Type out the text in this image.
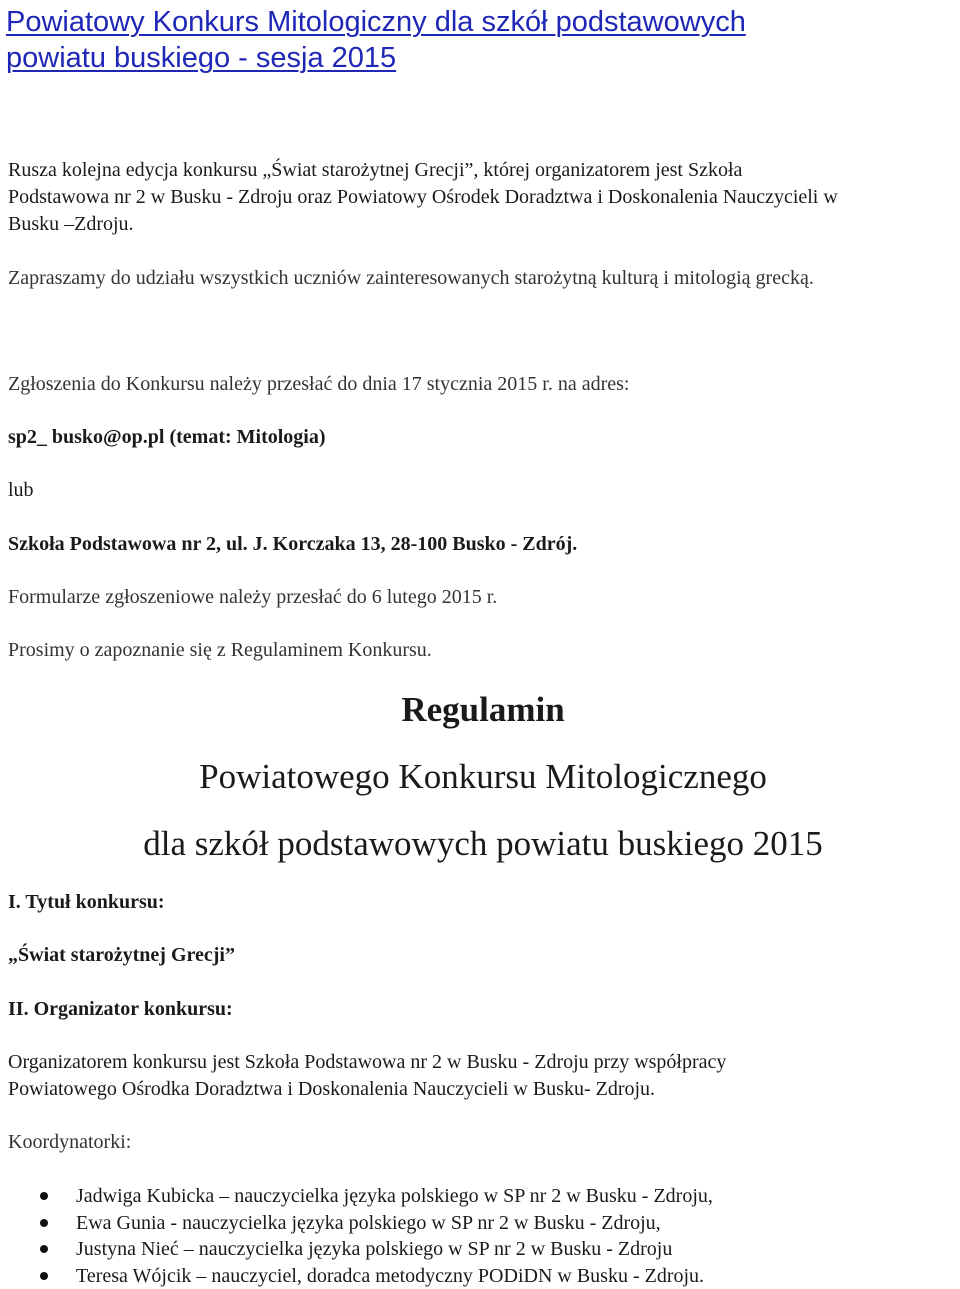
Powiatowy Konkurs Mitologiczny dla szkół podstawowych
powiatu buskiego - sesja 2015
Rusza kolejna edycja konkursu „Świat starożytnej Grecji”, której organizatorem jest Szkoła
Podstawowa nr 2 w Busku - Zdroju oraz Powiatowy Ośrodek Doradztwa i Doskonalenia Nauczycieli w
Busku –Zdroju.
Zapraszamy do udziału wszystkich uczniów zainteresowanych starożytną kulturą i mitologią grecką.
Zgłoszenia do Konkursu należy przesłać do dnia 17 stycznia 2015 r. na adres:
sp2_ busko@op.pl (temat: Mitologia)
lub
Szkoła Podstawowa nr 2, ul. J. Korczaka 13, 28-100 Busko - Zdrój.
Formularze zgłoszeniowe należy przesłać do 6 lutego 2015 r.
Prosimy o zapoznanie się z Regulaminem Konkursu.
Regulamin
Powiatowego Konkursu Mitologicznego
dla szkół podstawowych powiatu buskiego 2015
I. Tytuł konkursu:
„Świat starożytnej Grecji”
II. Organizator konkursu:
Organizatorem konkursu jest Szkoła Podstawowa nr 2 w Busku - Zdroju przy współpracy
Powiatowego Ośrodka Doradztwa i Doskonalenia Nauczycieli w Busku- Zdroju.
Koordynatorki:
Jadwiga Kubicka – nauczycielka języka polskiego w SP nr 2 w Busku - Zdroju,
Ewa Gunia - nauczycielka języka polskiego w SP nr 2 w Busku - Zdroju,
Justyna Nieć – nauczycielka języka polskiego w SP nr 2 w Busku - Zdroju
Teresa Wójcik – nauczyciel, doradca metodyczny PODiDN w Busku - Zdroju.
